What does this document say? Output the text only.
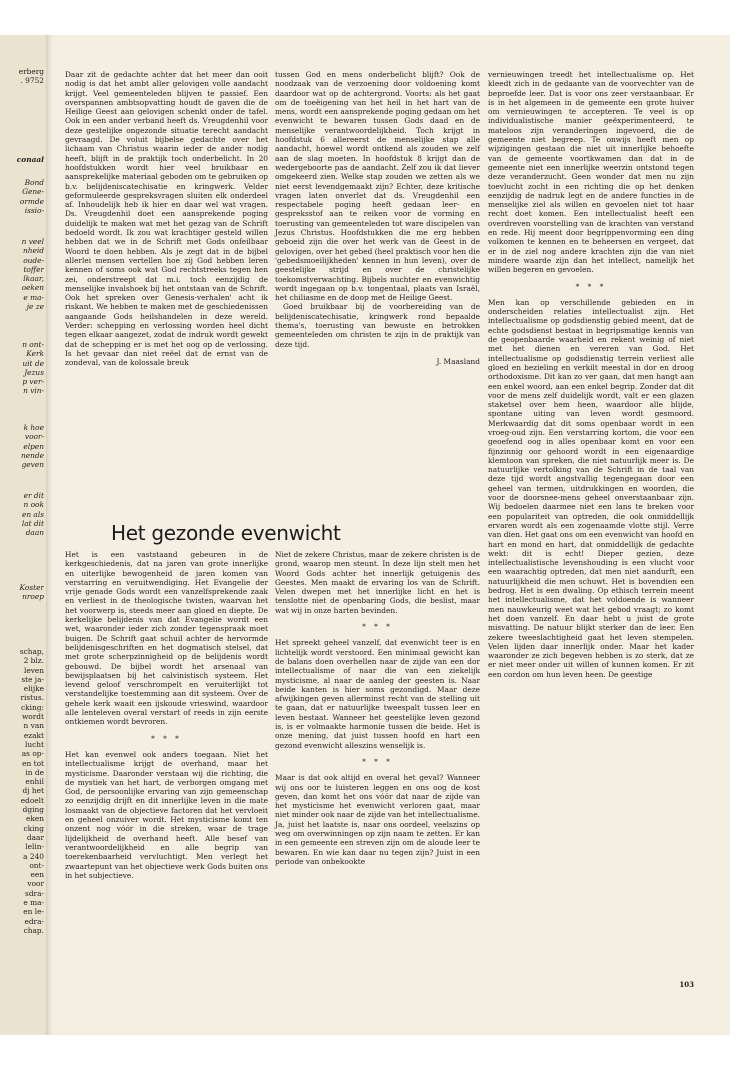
erberg

. 9752

conaal

Bond

Gene-

ormde

issio-

n veel

nheid

oude-

toffer

lkaar,

oeken

e ma-

je ze

n ont-

Kerk

uit de

Jezus

p ver-

n vin-

k hoe

voor-

elpen

nende

geven

er dit

n ook

en als

lat dit

daan

Koster

nroep

schap,

2 blz.

leven

ste ja-

elijke

ristus.

cking:

wordt

n van

ezakt

lucht

as op-

en tot

in de

enhil

dj het

edoelt

dging

eken

cking

daar

lelin-

a 240

ont-

een

voor

sdra-

e ma-

en le-

edra-

chap.

Daar zit de gedachte achter dat het meer dan ooit nodig is dat het ambt aller gelovigen volle aandacht krijgt. Veel gemeenteleden blijven te passief. Een overspannen ambtsopvatting houdt de gaven die de Heilige Geest aan gelovigen schenkt onder de tafel. Ook in een ander verband heeft ds. Vreugdenhil voor deze gestelijke ongezonde situatie terecht aandacht gevraagd. De voluit bijbelse gedachte over het lichaam van Christus waarin ieder de ander nodig heeft, blijft in de praktijk toch onderbelicht. In 20 hoofdstukken wordt hier veel bruikbaar en aansprekelijke materiaal geboden om te gebruiken op b.v. belijdeniscatechisatie en kringwerk. Velder geformuleerde gespreksvragen sluiten elk onderdeel af. Inhoudelijk heb ik hier en daar wel wat vragen. Ds. Vreugdenhil doet een aansprekende poging duidelijk te maken wat met het gezag van de Schrift bedoeld wordt. Ik zou wat krachtiger gesteld willen hebben dat we in de Schrift met Gods onfeilbaar Woord te doen hebben. Als je zegt dat in de bijbel allerlei mensen vertellen hoe zij God hebben leren kennen of soms ook wat God rechtstreeks tegen hen zei, onderstreept dat m.i. toch eenzijdig de menselijke invalshoek bij het ontstaan van de Schrift. Ook het spreken over Genesis-verhalen' acht ik riskant. We hebben te maken met de geschiedenissen aangaande Gods heilshandelen in deze wereld. Verder: schepping en verlossing worden heel dicht tegen elkaar aangezet, zodat de indruk wordt gewekt dat de schepping er is met het oog op de verlossing. Is het gevaar dan niet reëel dat de ernst van de zondeval, van de kolossale breuk

tussen God en mens onderbelicht blijft? Ook de noodzaak van de verzoening door voldoening komt daardoor wat op de achtergrond. Voorts: als het gaat om de toeëigening van het heil in het hart van de mens, wordt een aansprekende poging gedaan om het evenwicht te bewaren tussen Gods daad en de menselijke verantwoordelijkheid. Toch krijgt in hoofdstuk 6 allereerst de menselijke stap alle aandacht, hoewel wordt ontkend als zouden we zelf aan de slag moeten. In hoofdstuk 8 krijgt dan de wedergeboorte pas de aandacht. Zelf zou ik dat liever omgekeerd zien. Welke stap zouden we zetten als we niet eerst levendgemaakt zijn? Echter, deze kritische vragen laten onverlet dat ds. Vreugdenhil een respectabele poging heeft gedaan leer- en gespreksstof aan te reiken voor de vorming en toerusting van gemeenteleden tot ware discipelen van Jezus Christus. Hoofdstukken die me erg hebben geboeid zijn die over het werk van de Geest in de gelovigen, over het gebed (heel praktisch voor hen die 'gebedsmoeilijkheden' kennen in hun leven), over de geestelijke strijd en over de christelijke toekomstverwachting. Bijbels nuchter en evenwichtig wordt ingegaan op b.v. tongentaal, plaats van Israël, het chiliasme en de doop met de Heilige Geest.

Goed bruikbaar bij de voorbereiding van de belijdeniscatechisatie, kringwerk rond bepaalde thema's, toerusting van bewuste en betrokken gemeenteleden om christen te zijn in de praktijk van deze tijd.

J. Maasland

Het gezonde evenwicht

Het is een vaststaand gebeuren in de kerkgeschiedenis, dat na jaren van grote innerlijke en uiterlijke bewogenheid de jaren komen van verstarring en veruitwendiging. Het Evangelie der vrije genade Gods wordt een vanzelfsprekende zaak en verliest in de theologische twisten, waarvan het het voorwerp is, steeds meer aan gloed en diepte. De kerkelijke belijdenis van dat Evangelie wordt een wet, waaronder ieder zich zonder tegenspraak moet buigen. De Schrift gaat schuil achter de hervormde belijdenisgeschriften en het dogmatisch stelsel, dat met grote scherpzinnigheid op de belijdenis wordt gebouwd. De bijbel wordt het arsenaal van bewijsplaatsen bij het calvinistisch systeem. Het levend geloof verschrompelt en veruiterlijkt tot verstandelijke toestemming aan dit systeem. Over de gehele kerk waait een ijskoude vrieswind, waardoor alle lenteleven overal verstart of reeds in zijn eerste ontkiemen wordt bevroren.

* * *

Het kan evenwel ook anders toegaan. Niet het intellectualisme krijgt de overhand, maar het mysticisme. Daaronder verstaan wij die richting, die de mystiek van het hart, de verborgen omgang met God, de persoonlijke ervaring van zijn gemeenschap zo eenzijdig drijft en dit innerlijke leven in die mate losmaakt van de objectieve factoren dat het vervloeit en geheel onzuiver wordt. Het mysticisme komt ten onzent nog vóór in die streken, waar de trage lijdelijkheid de overhand heeft. Alle besef van verantwoordelijkheid en alle begrip van toerekenbaarheid vervluchtigt. Men verlegt het zwaartepunt van het objectieve werk Gods buiten ons in het subjectieve.

Niet de zekere Christus, maar de zekere christen is de grond, waarop men steunt. In deze lijn stelt men het Woord Gods achter het innerlijk getuigenis des Geestes. Men maakt de ervaring los van de Schrift. Velen dwepen met het innerlijke licht en het is tenslotte niet de openbaring Gods, die beslist, maar wat wij in onze harten bevinden.

* * *

Het spreekt geheel vanzelf, dat evenwicht teer is en lichtelijk wordt verstoord. Een minimaal gewicht kan de balans doen overhellen naar de zijde van een dor intellectualisme of naar die van een ziekelijk mysticisme, al naar de aanleg der geesten is. Naar beide kanten is hier soms gezondigd. Maar deze afwijkingen geven allerminst recht van de stelling uit te gaan, dat er natuurlijke tweespalt tussen leer en leven bestaat. Wanneer het geestelijke leven gezond is, is er volmaakte harmonie tussen die beide. Het is onze mening, dat juist tussen hoofd en hart een gezond evenwicht alleszins wenselijk is.

* * *

Maar is dat ook altijd en overal het geval? Wanneer wij ons oor te luisteren leggen en ons oog de kost geven, dan komt het ons vóór dat naar de zijde van het mysticisme het evenwicht verloren gaat, maar niet minder ook naar de zijde van het intellectualisme. Ja, juist het laatste is, naar ons oordeel, veelszins op weg om overwinningen op zijn naam te zetten. Er kan in een gemeente een streven zijn om de aloude leer te bewaren. En wie kan daar nu tegen zijn? Juist in een periode van onbekookte

vernieuwingen treedt het intellectualisme op. Het kleedt zich in de gedaante van de voorvechter van de beproefde leer. Dat is voor ons zeer verstaanbaar. Er is in het algemeen in de gemeente een grote huiver om vernieuwingen te accepteren. Te veel is op individualistische manier geëxperimenteerd, te mateloos zijn veranderingen ingevoerd, die de gemeente niet begreep. Te onwijs heeft men op wijzigingen gestaan die niet uit innerlijke behoefte van de gemeente voortkwamen dan dat in de gemeente niet een innerlijke weerzin ontstond tegen deze veranderzucht. Geen wonder dat men nu zijn toevlucht zocht in een richting die op het denken eenzijdig de nadruk legt en de andere functies in de menselijke ziel als willen en gevoelen niet tot haar recht doet komen. Een intellectualist heeft een overdreven voorstelling van de krachten van verstand en rede. Hij meent door begrippenvorming een ding volkomen te kennen en te beheersen en vergeet, dat er in de ziel nog andere krachten zijn die van niet mindere waarde zijn dan het intellect, namelijk het willen begeren en gevoelen.

* * *

Men kan op verschillende gebieden en in onderscheiden relaties intellectualist zijn. Het intellectualisme op godsdienstig gebied meent, dat de echte godsdienst bestaat in begripsmatige kennis van de geopenbaarde waarheid en rekent weinig of niet met het dienen en vereren van God. Het intellectualisme op godsdienstig terrein verliest alle gloed en bezieling en verkilt meestal in dor en droog orthodoxisme. Dit kan zo ver gaan, dat men hangt aan een enkel woord, aan een enkel begrip. Zonder dat dit voor de mens zelf duidelijk wordt, valt er een glazen staketsel over hem heen, waardoor alle blijde, spontane uiting van leven wordt gesmoord. Merkwaardig dat dit soms openbaar wordt in een vroeg-oud zijn. Een verstarring kortom, die voor een geoefend oog in alles openbaar komt en voor een fijnzinnig oor gehoord wordt in een eigenaardige klemtoon van spreken, die niet natuurlijk meer is. De natuurlijke vertolking van de Schrift in de taal van deze tijd wordt angstvallig tegengegaan door een geheel van termen, uitdrukkingen en woorden, die voor de doorsnee-mens geheel onverstaanbaar zijn. Wij bedoelen daarmee niet een lans te breken voor een populariteit van optreden, die ook onmiddellijk ervaren wordt als een zogenaamde vlotte stijl. Verre van dien. Het gaat ons om een evenwicht van hoofd en hart en mond en hart, dat onmiddellijk de gedachte wekt: dit is echt! Dieper gezien, deze intellectualistische levenshouding is een vlucht voor een waarachtig optreden, dat men niet aandurft, een natuurlijkheid die men schuwt. Het is bovendien een bedrog. Het is een dwaling. Op ethisch terrein meent het intellectualisme, dat het voldoende is wanneer men nauwkeurig weet wat het gebod vraagt; zo komt het doen vanzelf. En daar hebt u juist de grote misvatting. De natuur blijkt sterker dan de leer. Een zekere tweeslachtigheid gaat het leven stempelen. Velen lijden daar innerlijk onder. Maar het kader waaronder ze zich begeven hebben is zo sterk, dat ze er niet meer onder uit willen of kunnen komen. Er zit een cordon om hun leven heen. De geestige

103
